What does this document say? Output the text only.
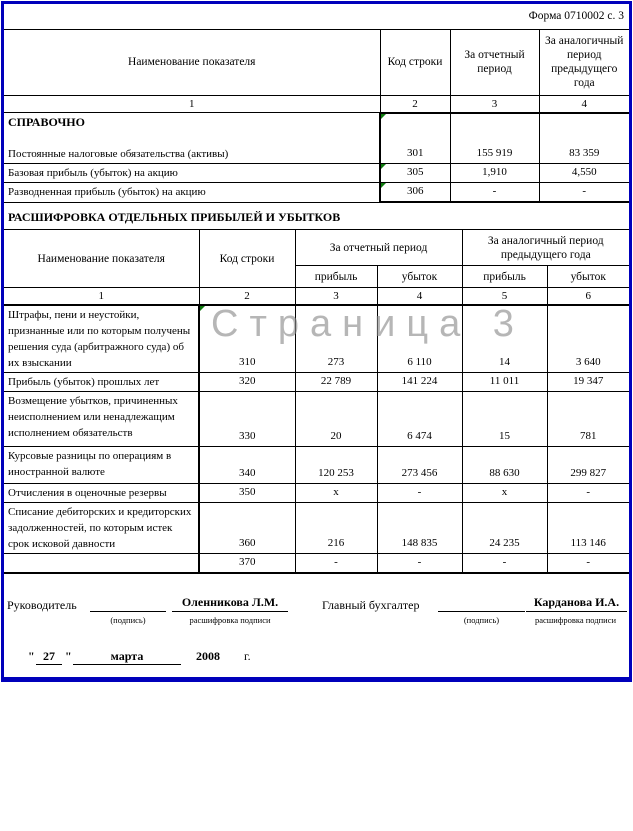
Форма 0710002 с. 3
Наименование показателя	Код строки	За отчетный период	За аналогичный период предыдущего года
1	2	3	4

СПРАВОЧНО
Постоянные налоговые обязательства (активы)	301	155 919	83 359
Базовая прибыль (убыток) на акцию	305	1,910	4,550
Разводненная прибыль (убыток) на акцию	306	-	-
РАСШИФРОВКА ОТДЕЛЬНЫХ ПРИБЫЛЕЙ И УБЫТКОВ
Наименование показателя	Код строки	За отчетный период		За аналогичный период предыдущего года	
		прибыль	убыток	прибыль	убыток
1	2	3	4	5	6
Штрафы, пени и неустойки, признанные или по которым получены решения суда (арбитражного суда) об их взыскании	310	273	6 110	14	3 640
Прибыль (убыток) прошлых лет	320	22 789	141 224	11 011	19 347
Возмещение убытков, причиненных неисполнением или ненадлежащим исполнением обязательств	330	20	6 474	15	781
Курсовые разницы по операциям в иностранной валюте	340	120 253	273 456	88 630	299 827
Отчисления в оценочные резервы	350	x	-	x	-
Списание дебиторских и кредиторских задолженностей, по которым истек срок исковой давности	360	216	148 835	24 235	113 146
	370	-	-	-	-
Страница 3
Руководитель
(подпись)
Оленникова Л.М.
расшифровка подписи
Главный бухгалтер
(подпись)
Карданова И.А.
расшифровка подписи
" 27 "	марта	2008 г.
